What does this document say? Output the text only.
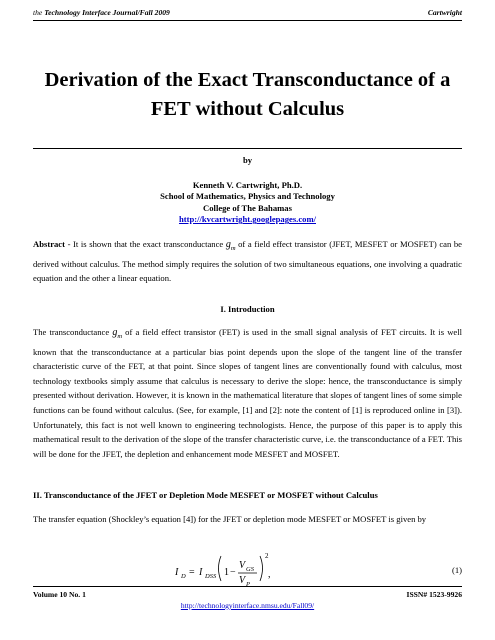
the Technology Interface Journal/Fall 2009	Cartwright
Derivation of the Exact Transconductance of a
FET without Calculus
by
Kenneth V. Cartwright, Ph.D.
School of Mathematics, Physics and Technology
College of The Bahamas
http://kvcartwright.googlepages.com/
Abstract - It is shown that the exact transconductance $g_m$ of a field effect transistor (JFET, MESFET or MOSFET) can be derived without calculus. The method simply requires the solution of two simultaneous equations, one involving a quadratic equation and the other a linear equation.
I. Introduction
The transconductance $g_m$ of a field effect transistor (FET) is used in the small signal analysis of FET circuits. It is well known that the transconductance at a particular bias point depends upon the slope of the tangent line of the transfer characteristic curve of the FET, at that point. Since slopes of tangent lines are conventionally found with calculus, most technology textbooks simply assume that calculus is necessary to derive the slope: hence, the transconductance is simply presented without derivation. However, it is known in the mathematical literature that slopes of tangent lines of some simple functions can be found without calculus. (See, for example, [1] and [2]: note the content of [1] is reproduced online in [3]). Unfortunately, this fact is not well known to engineering technologists. Hence, the purpose of this paper is to apply this mathematical result to the derivation of the slope of the transfer characteristic curve, i.e. the transconductance of a FET. This will be done for the JFET, the depletion and enhancement mode MESFET and MOSFET.
II. Transconductance of the JFET or Depletion Mode MESFET or MOSFET without Calculus
The transfer equation (Shockley’s equation [4]) for the JFET or depletion mode MESFET or MOSFET is given by
I D = I DSS 1 −
V GS
V P
2
,	(1)
Volume 10 No. 1	ISSN# 1523-9926
http://technologyinterface.nmsu.edu/Fall09/
